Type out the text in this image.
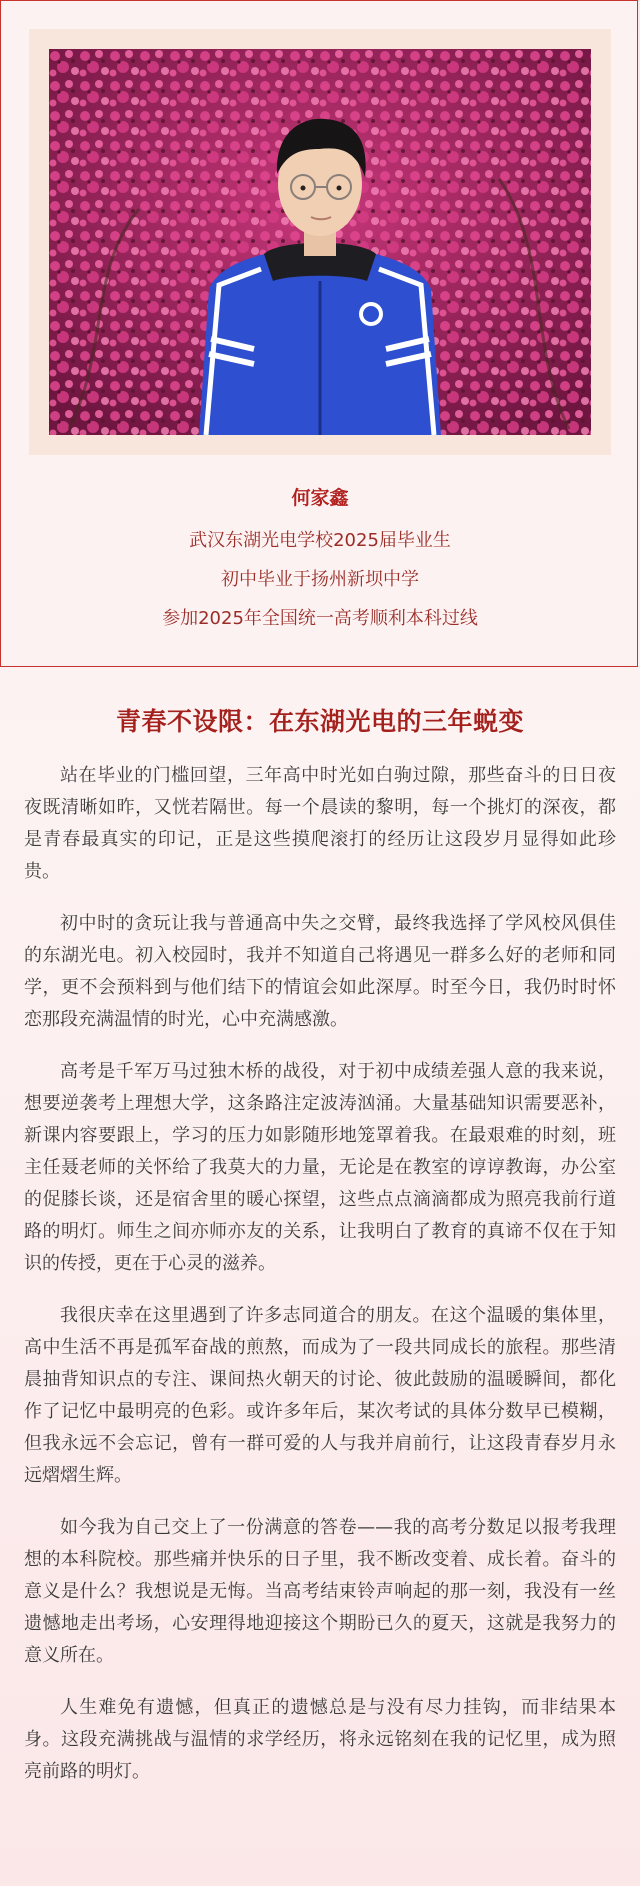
何家鑫
武汉东湖光电学校2025届毕业生
初中毕业于扬州新坝中学
参加2025年全国统一高考顺利本科过线
青春不设限：在东湖光电的三年蜕变

站在毕业的门槛回望，三年高中时光如白驹过隙，那些奋斗的日日夜夜既清晰如昨，又恍若隔世。每一个晨读的黎明，每一个挑灯的深夜，都是青春最真实的印记，正是这些摸爬滚打的经历让这段岁月显得如此珍贵。

初中时的贪玩让我与普通高中失之交臂，最终我选择了学风校风俱佳的东湖光电。初入校园时，我并不知道自己将遇见一群多么好的老师和同学，更不会预料到与他们结下的情谊会如此深厚。时至今日，我仍时时怀恋那段充满温情的时光，心中充满感激。

高考是千军万马过独木桥的战役，对于初中成绩差强人意的我来说，想要逆袭考上理想大学，这条路注定波涛汹涌。大量基础知识需要恶补，新课内容要跟上，学习的压力如影随形地笼罩着我。在最艰难的时刻，班主任聂老师的关怀给了我莫大的力量，无论是在教室的谆谆教诲，办公室的促膝长谈，还是宿舍里的暖心探望，这些点点滴滴都成为照亮我前行道路的明灯。师生之间亦师亦友的关系，让我明白了教育的真谛不仅在于知识的传授，更在于心灵的滋养。

我很庆幸在这里遇到了许多志同道合的朋友。在这个温暖的集体里，高中生活不再是孤军奋战的煎熬，而成为了一段共同成长的旅程。那些清晨抽背知识点的专注、课间热火朝天的讨论、彼此鼓励的温暖瞬间，都化作了记忆中最明亮的色彩。或许多年后，某次考试的具体分数早已模糊，但我永远不会忘记，曾有一群可爱的人与我并肩前行，让这段青春岁月永远熠熠生辉。

如今我为自己交上了一份满意的答卷——我的高考分数足以报考我理想的本科院校。那些痛并快乐的日子里，我不断改变着、成长着。奋斗的意义是什么？我想说是无悔。当高考结束铃声响起的那一刻，我没有一丝遗憾地走出考场，心安理得地迎接这个期盼已久的夏天，这就是我努力的意义所在。

人生难免有遗憾，但真正的遗憾总是与没有尽力挂钩，而非结果本身。这段充满挑战与温情的求学经历，将永远铭刻在我的记忆里，成为照亮前路的明灯。
